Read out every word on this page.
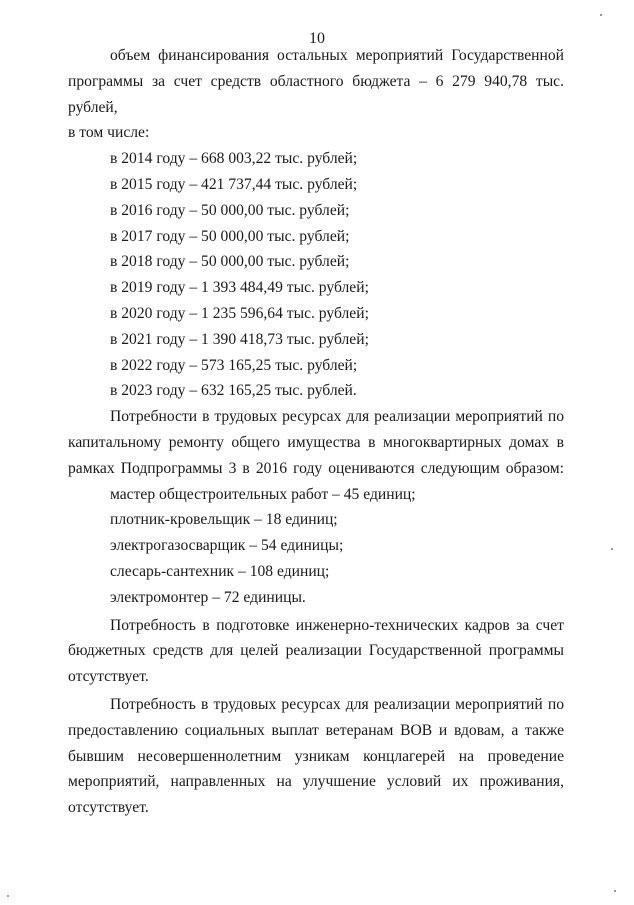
10

объем финансирования остальных мероприятий Государственной

программы за счет средств областного бюджета – 6 279 940,78 тыс. рублей,

в том числе:

в 2014 году – 668 003,22 тыс. рублей;

в 2015 году – 421 737,44 тыс. рублей;

в 2016 году – 50 000,00 тыс. рублей;

в 2017 году – 50 000,00 тыс. рублей;

в 2018 году – 50 000,00 тыс. рублей;

в 2019 году – 1 393 484,49 тыс. рублей;

в 2020 году – 1 235 596,64 тыс. рублей;

в 2021 году – 1 390 418,73 тыс. рублей;

в 2022 году – 573 165,25 тыс. рублей;

в 2023 году – 632 165,25 тыс. рублей.

Потребности в трудовых ресурсах для реализации мероприятий по

капитальному ремонту общего имущества в многоквартирных домах в

рамках Подпрограммы 3 в 2016 году оцениваются следующим образом:

мастер общестроительных работ – 45 единиц;

плотник-кровельщик – 18 единиц;

электрогазосварщик – 54 единицы;

слесарь-сантехник – 108 единиц;

электромонтер – 72 единицы.

Потребность в подготовке инженерно-технических кадров за счет

бюджетных средств для целей реализации Государственной программы

отсутствует.

Потребность в трудовых ресурсах для реализации мероприятий по

предоставлению социальных выплат ветеранам ВОВ и вдовам, а также

бывшим несовершеннолетним узникам концлагерей на проведение

мероприятий, направленных на улучшение условий их проживания,

отсутствует.
